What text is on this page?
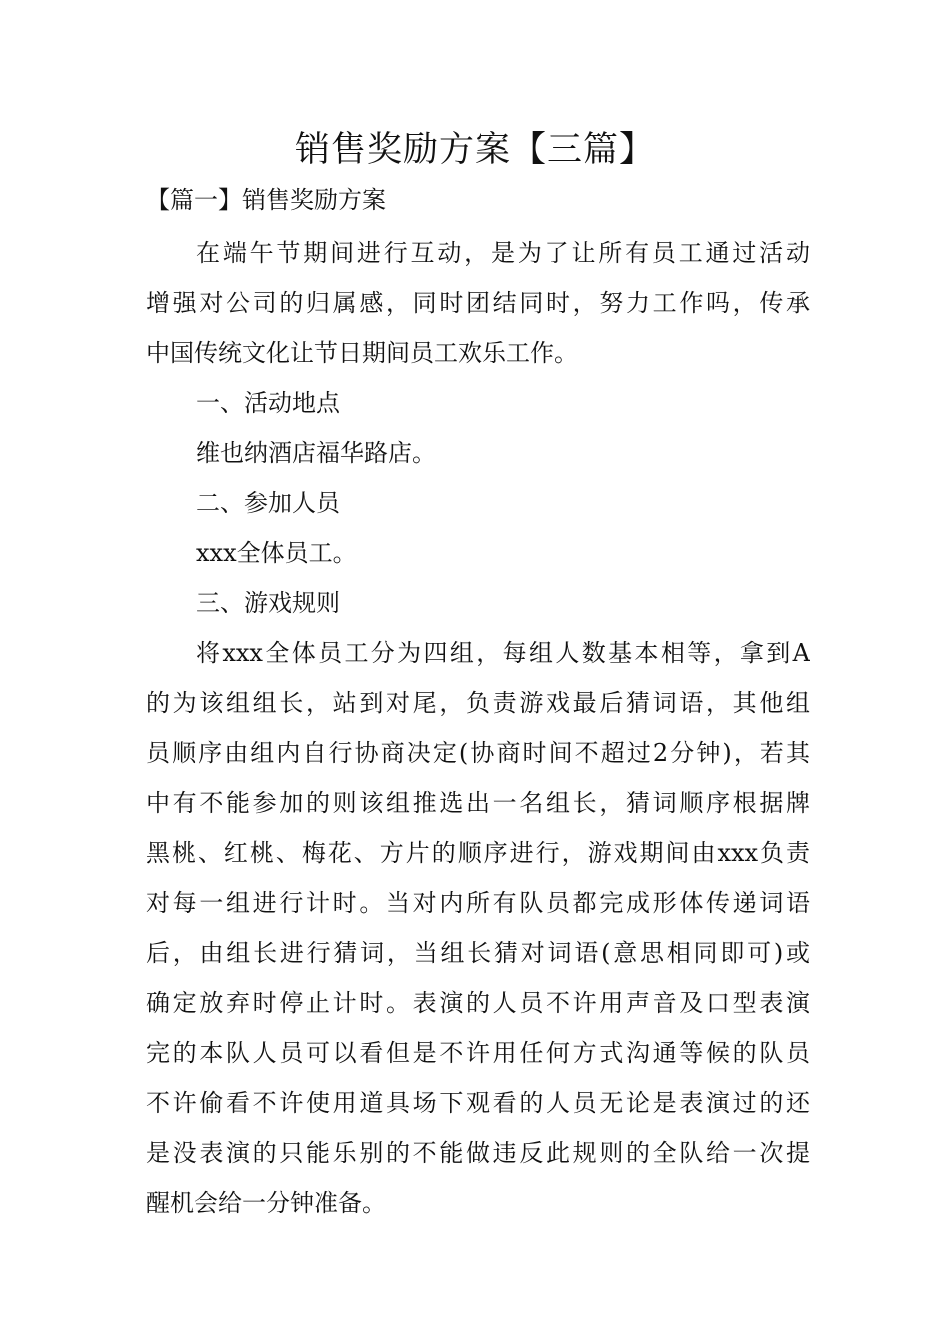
销售奖励方案【三篇】
【篇一】销售奖励方案
在端午节期间进行互动，是为了让所有员工通过活动
增强对公司的归属感，同时团结同时，努力工作吗，传承
中国传统文化让节日期间员工欢乐工作。
一、活动地点
维也纳酒店福华路店。
二、参加人员
xxx全体员工。
三、游戏规则
将xxx全体员工分为四组，每组人数基本相等，拿到A
的为该组组长，站到对尾，负责游戏最后猜词语，其他组
员顺序由组内自行协商决定(协商时间不超过2分钟)，若其
中有不能参加的则该组推选出一名组长，猜词顺序根据牌
黑桃、红桃、梅花、方片的顺序进行，游戏期间由xxx负责
对每一组进行计时。当对内所有队员都完成形体传递词语
后，由组长进行猜词，当组长猜对词语(意思相同即可)或
确定放弃时停止计时。表演的人员不许用声音及口型表演
完的本队人员可以看但是不许用任何方式沟通等候的队员
不许偷看不许使用道具场下观看的人员无论是表演过的还
是没表演的只能乐别的不能做违反此规则的全队给一次提
醒机会给一分钟准备。
